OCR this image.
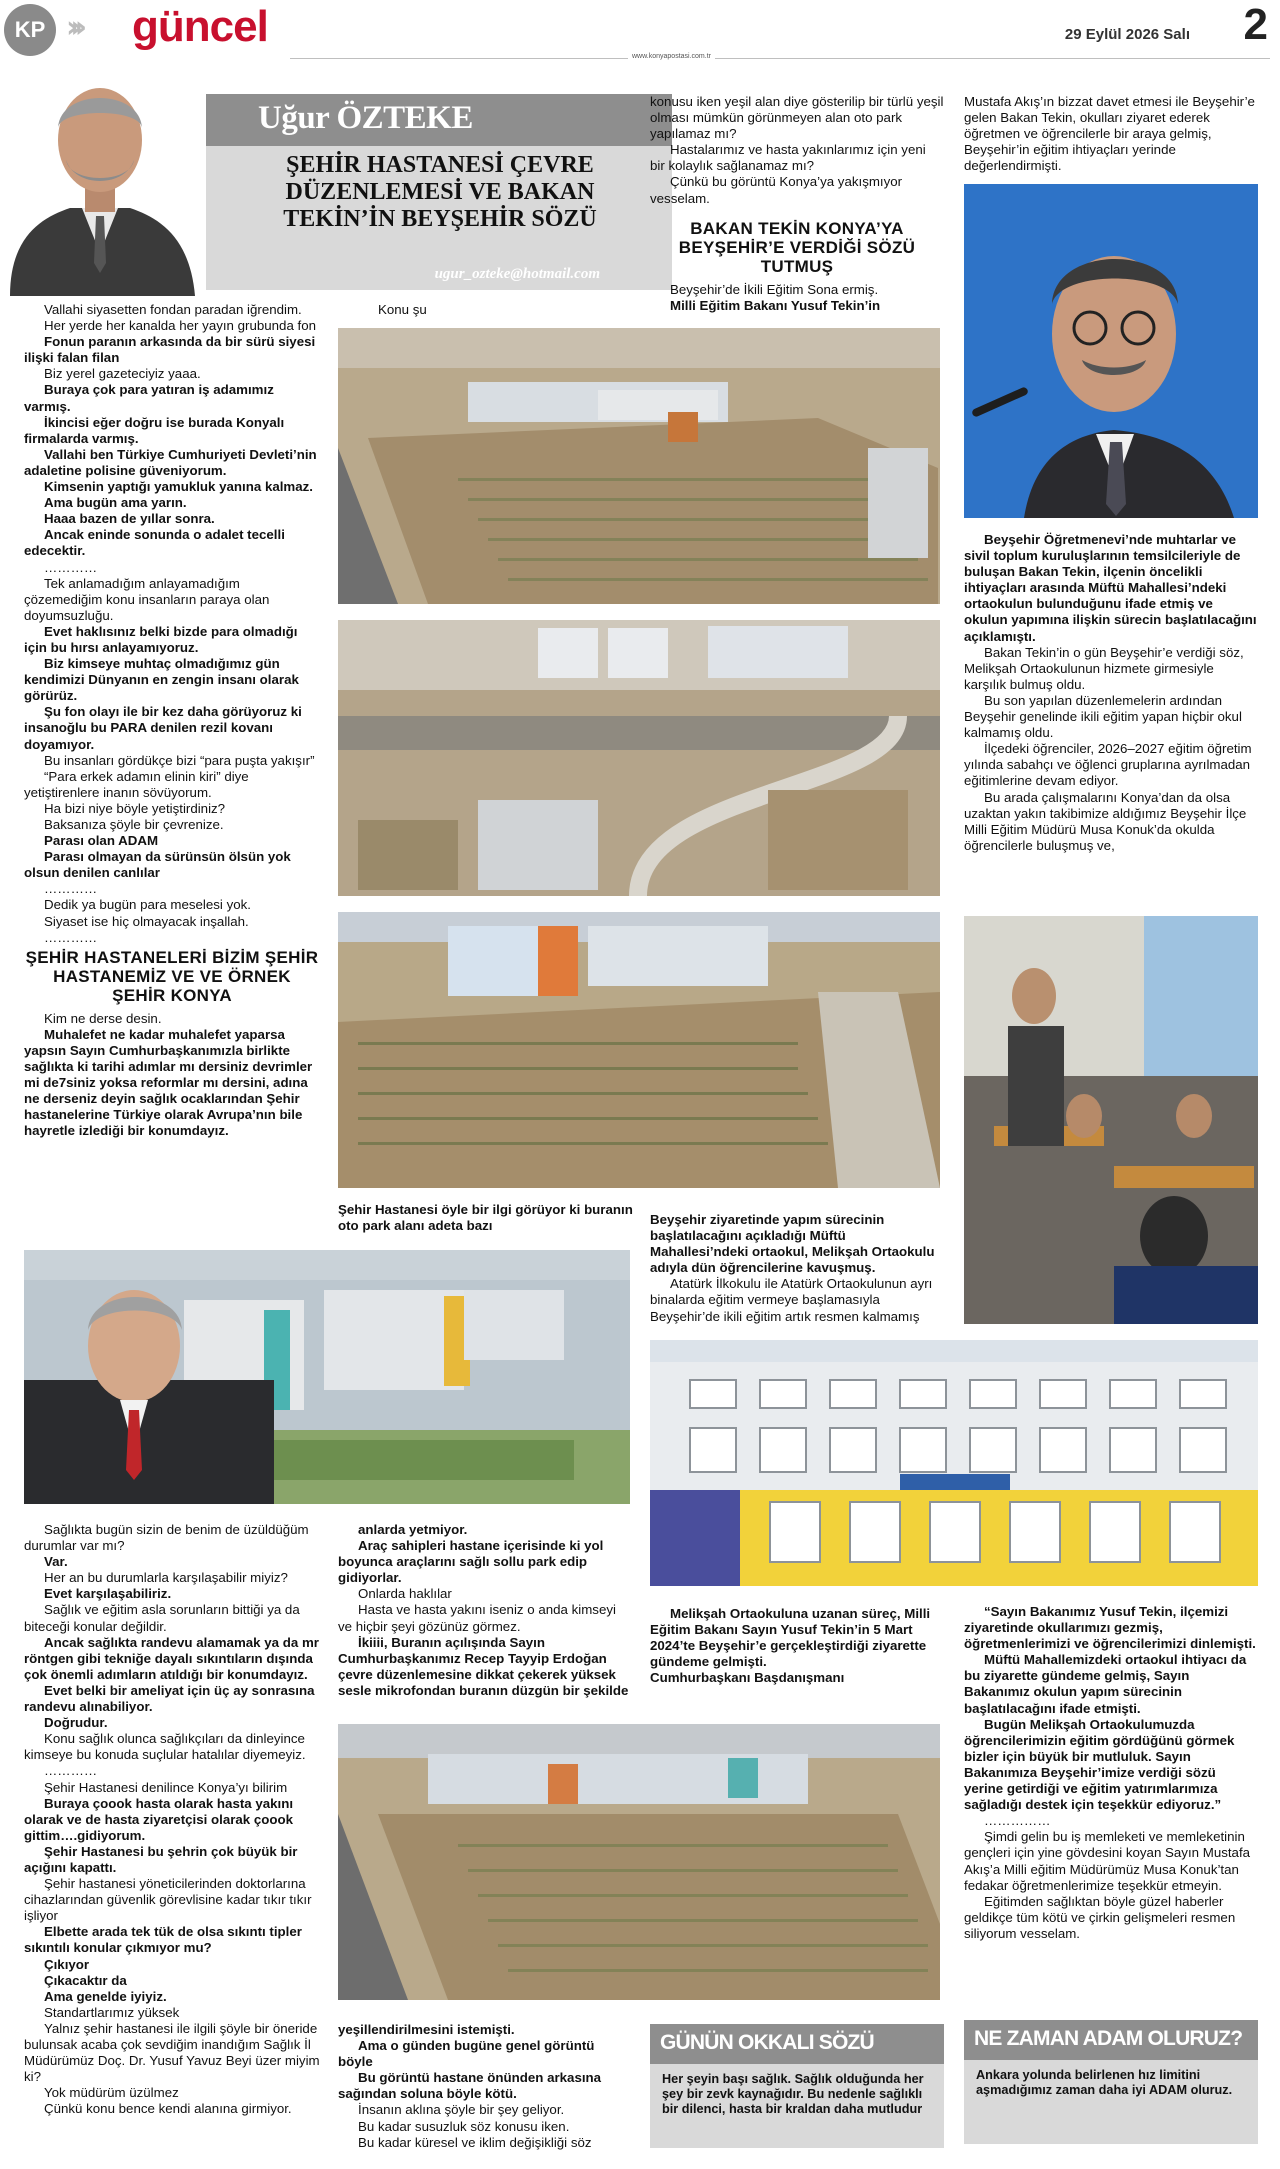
KP ››› güncel
www.konyapostasi.com.tr
29 Eylül 2026 Salı 2
Uğur ÖZTEKE
ŞEHİR HASTANESİ ÇEVRE DÜZENLEMESİ VE BAKAN TEKİN’İN BEYŞEHİR SÖZÜ
ugur_ozteke@hotmail.com

Vallahi siyasetten fondan paradan iğrendim.

Her yerde her kanalda her yayın grubunda fon

Fonun paranın arkasında da bir sürü siyesi ilişki falan filan

Biz yerel gazeteciyiz yaaa.

Buraya çok para yatıran iş adamımız varmış.

İkincisi eğer doğru ise burada Konyalı firmalarda varmış.

Vallahi ben Türkiye Cumhuriyeti Devleti’nin adaletine polisine güveniyorum.

Kimsenin yaptığı yamukluk yanına kalmaz.

Ama bugün ama yarın.

Haaa bazen de yıllar sonra.

Ancak eninde sonunda o adalet tecelli edecektir.

…………

Tek anlamadığım anlayamadığım çözemediğim konu insanların paraya olan doyumsuzluğu.

Evet haklısınız belki bizde para olmadığı için bu hırsı anlayamıyoruz.

Biz kimseye muhtaç olmadığımız gün kendimizi Dünyanın en zengin insanı olarak görürüz.

Şu fon olayı ile bir kez daha görüyoruz ki insanoğlu bu PARA denilen rezil kovanı doyamıyor.

Bu insanları gördükçe bizi “para puşta yakışır”

“Para erkek adamın elinin kiri” diye yetiştirenlere inanın sövüyorum.

Ha bizi niye böyle yetiştirdiniz?

Baksanıza şöyle bir çevrenize.

Parası olan ADAM

Parası olmayan da sürünsün ölsün yok olsun denilen canlılar

…………

Dedik ya bugün para meselesi yok.

Siyaset ise hiç olmayacak inşallah.

…………

ŞEHİR HASTANELERİ BİZİM ŞEHİR HASTANEMİZ VE VE ÖRNEK ŞEHİR KONYA

Kim ne derse desin.

Muhalefet ne kadar muhalefet yaparsa yapsın Sayın Cumhurbaşkanımızla birlikte sağlıkta ki tarihi adımlar mı dersiniz devrimler mi de7siniz yoksa reformlar mı dersini, adına ne derseniz deyin sağlık ocaklarından Şehir hastanelerine Türkiye olarak Avrupa’nın bile hayretle izlediği bir konumdayız.

Konu şu

Şehir Hastanesi öyle bir ilgi görüyor ki buranın oto park alanı adeta bazı

Sağlıkta bugün sizin de benim de üzüldüğüm durumlar var mı?

Var.

Her an bu durumlarla karşılaşabilir miyiz?

Evet karşılaşabiliriz.

Sağlık ve eğitim asla sorunların bittiği ya da biteceği konular değildir.

Ancak sağlıkta randevu alamamak ya da mr röntgen gibi tekniğe dayalı sıkıntıların dışında çok önemli adımların atıldığı bir konumdayız.

Evet belki bir ameliyat için üç ay sonrasına randevu alınabiliyor.

Doğrudur.

Konu sağlık olunca sağlıkçıları da dinleyince kimseye bu konuda suçlular hatalılar diyemeyiz.

…………

Şehir Hastanesi denilince Konya’yı bilirim

Buraya çoook hasta olarak hasta yakını olarak ve de hasta ziyaretçisi olarak çoook gittim….gidiyorum.

Şehir Hastanesi bu şehrin çok büyük bir açığını kapattı.

Şehir hastanesi yöneticilerinden doktorlarına cihazlarından güvenlik görevlisine kadar tıkır tıkır işliyor

Elbette arada tek tük de olsa sıkıntı tipler sıkıntılı konular çıkmıyor mu?

Çıkıyor

Çıkacaktır da

Ama genelde iyiyiz.

Standartlarımız yüksek

Yalnız şehir hastanesi ile ilgili şöyle bir öneride bulunsak acaba çok sevdiğim inandığım Sağlık İl Müdürümüz Doç. Dr. Yusuf Yavuz Beyi üzer miyim ki?

Yok müdürüm üzülmez

Çünkü konu bence kendi alanına girmiyor.

anlarda yetmiyor.

Araç sahipleri hastane içerisinde ki yol boyunca araçlarını sağlı sollu park edip gidiyorlar.

Onlarda haklılar

Hasta ve hasta yakını iseniz o anda kimseyi ve hiçbir şeyi gözünüz görmez.

İkiiii, Buranın açılışında Sayın Cumhurbaşkanımız Recep Tayyip Erdoğan çevre düzenlemesine dikkat çekerek yüksek sesle mikrofondan buranın düzgün bir şekilde

yeşillendirilmesini istemişti.

Ama o günden bugüne genel görüntü böyle

Bu görüntü hastane önünden arkasına sağından soluna böyle kötü.

İnsanın aklına şöyle bir şey geliyor.

Bu kadar susuzluk söz konusu iken.

Bu kadar küresel ve iklim değişikliği söz

konusu iken yeşil alan diye gösterilip bir türlü yeşil olması mümkün görünmeyen alan oto park yapılamaz mı?

Hastalarımız ve hasta yakınlarımız için yeni bir kolaylık sağlanamaz mı?

Çünkü bu görüntü Konya’ya yakışmıyor vesselam.

BAKAN TEKİN KONYA’YA BEYŞEHİR’E VERDİĞİ SÖZÜ TUTMUŞ

Beyşehir’de İkili Eğitim Sona ermiş.

Milli Eğitim Bakanı Yusuf Tekin’in

Beyşehir ziyaretinde yapım sürecinin başlatılacağını açıkladığı Müftü Mahallesi’ndeki ortaokul, Melikşah Ortaokulu adıyla dün öğrencilerine kavuşmuş.

Atatürk İlkokulu ile Atatürk Ortaokulunun ayrı binalarda eğitim vermeye başlamasıyla Beyşehir’de ikili eğitim artık resmen kalmamış

Melikşah Ortaokuluna uzanan süreç, Milli Eğitim Bakanı Sayın Yusuf Tekin’in 5 Mart 2024’te Beyşehir’e gerçekleştirdiği ziyarette gündeme gelmişti.
Cumhurbaşkanı Başdanışmanı

Mustafa Akış’ın bizzat davet etmesi ile Beyşehir’e gelen Bakan Tekin, okulları ziyaret ederek öğretmen ve öğrencilerle bir araya gelmiş, Beyşehir’in eğitim ihtiyaçları yerinde değerlendirmişti.

Beyşehir Öğretmenevi’nde muhtarlar ve sivil toplum kuruluşlarının temsilcileriyle de buluşan Bakan Tekin, ilçenin öncelikli ihtiyaçları arasında Müftü Mahallesi’ndeki ortaokulun bulunduğunu ifade etmiş ve okulun yapımına ilişkin sürecin başlatılacağını açıklamıştı.

Bakan Tekin’in o gün Beyşehir’e verdiği söz, Melikşah Ortaokulunun hizmete girmesiyle karşılık bulmuş oldu.

Bu son yapılan düzenlemelerin ardından Beyşehir genelinde ikili eğitim yapan hiçbir okul kalmamış oldu.

İlçedeki öğrenciler, 2026–2027 eğitim öğretim yılında sabahçı ve öğlenci gruplarına ayrılmadan eğitimlerine devam ediyor.

Bu arada çalışmalarını Konya’dan da olsa uzaktan yakın takibimize aldığımız Beyşehir İlçe Milli Eğitim Müdürü Musa Konuk’da okulda öğrencilerle buluşmuş ve,

“Sayın Bakanımız Yusuf Tekin, ilçemizi ziyaretinde okullarımızı gezmiş, öğretmenlerimizi ve öğrencilerimizi dinlemişti.

Müftü Mahallemizdeki ortaokul ihtiyacı da bu ziyarette gündeme gelmiş, Sayın Bakanımız okulun yapım sürecinin başlatılacağını ifade etmişti.

Bugün Melikşah Ortaokulumuzda öğrencilerimizin eğitim gördüğünü görmek bizler için büyük bir mutluluk. Sayın Bakanımıza Beyşehir’imize verdiği sözü yerine getirdiği ve eğitim yatırımlarımıza sağladığı destek için teşekkür ediyoruz.”

……………

Şimdi gelin bu iş memleketi ve memleketinin gençleri için yine gövdesini koyan Sayın Mustafa Akış’a Milli eğitim Müdürümüz Musa Konuk’tan fedakar öğretmenlerimize teşekkür etmeyin.

Eğitimden sağlıktan böyle güzel haberler geldikçe tüm kötü ve çirkin gelişmeleri resmen siliyorum vesselam.

GÜNÜN OKKALI SÖZÜ
Her şeyin başı sağlık. Sağlık olduğunda her şey bir zevk kaynağıdır. Bu nedenle sağlıklı bir dilenci, hasta bir kraldan daha mutludur
NE ZAMAN ADAM OLURUZ?
Ankara yolunda belirlenen hız limitini aşmadığımız zaman daha iyi ADAM oluruz.
